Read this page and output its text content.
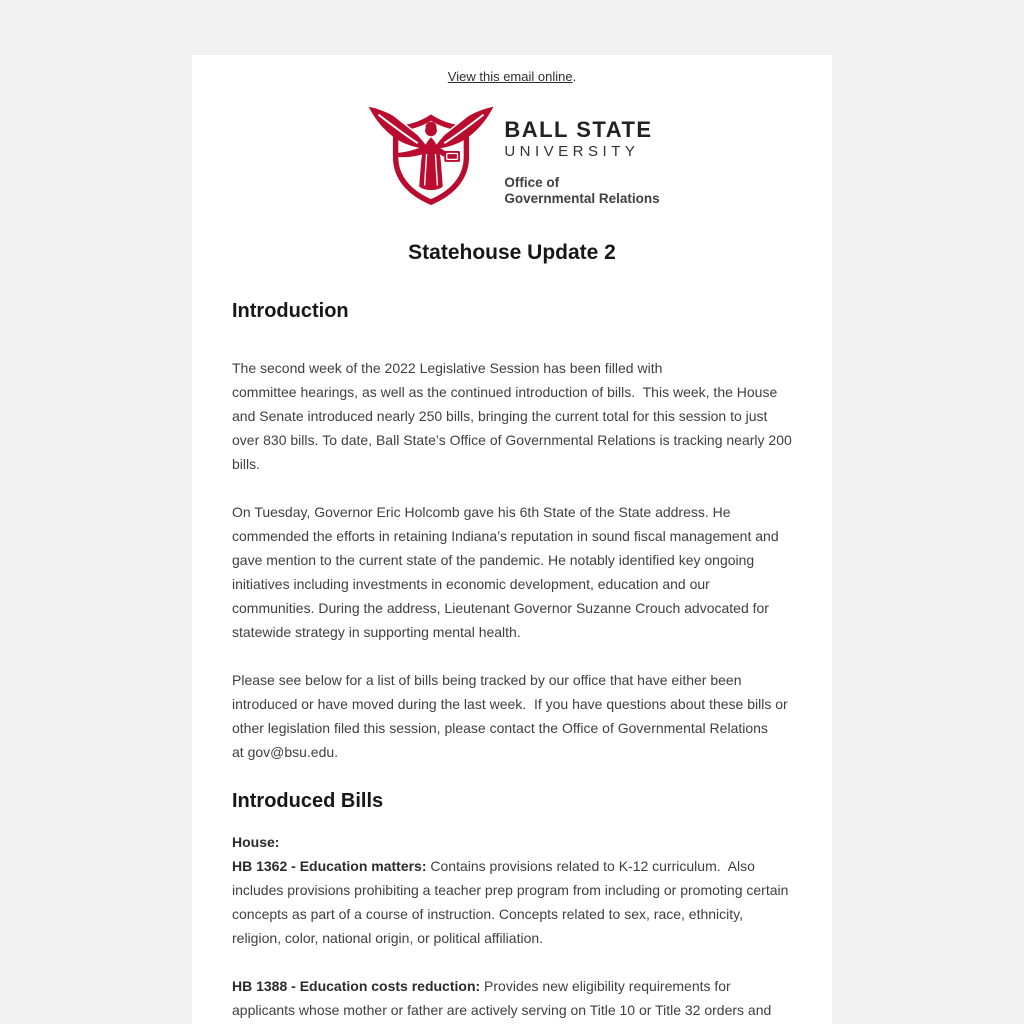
View this email online.

BALL STATE
UNIVERSITY
Office of
Governmental Relations
Statehouse Update 2
Introduction

The second week of the 2022 Legislative Session has been filled with committee hearings, as well as the continued introduction of bills.  This week, the House and Senate introduced nearly 250 bills, bringing the current total for this session to just over 830 bills. To date, Ball State’s Office of Governmental Relations is tracking nearly 200 bills.

On Tuesday, Governor Eric Holcomb gave his 6th State of the State address. He commended the efforts in retaining Indiana’s reputation in sound fiscal management and gave mention to the current state of the pandemic. He notably identified key ongoing initiatives including investments in economic development, education and our communities. During the address, Lieutenant Governor Suzanne Crouch advocated for statewide strategy in supporting mental health.

Please see below for a list of bills being tracked by our office that have either been introduced or have moved during the last week.  If you have questions about these bills or other legislation filed this session, please contact the Office of Governmental Relations at gov@bsu.edu.

Introduced Bills

House:

HB 1362 - Education matters: Contains provisions related to K-12 curriculum.  Also includes provisions prohibiting a teacher prep program from including or promoting certain concepts as part of a course of instruction. Concepts related to sex, race, ethnicity, religion, color, national origin, or political affiliation.

HB 1388 - Education costs reduction: Provides new eligibility requirements for applicants whose mother or father are actively serving on Title 10 or Title 32 orders and
